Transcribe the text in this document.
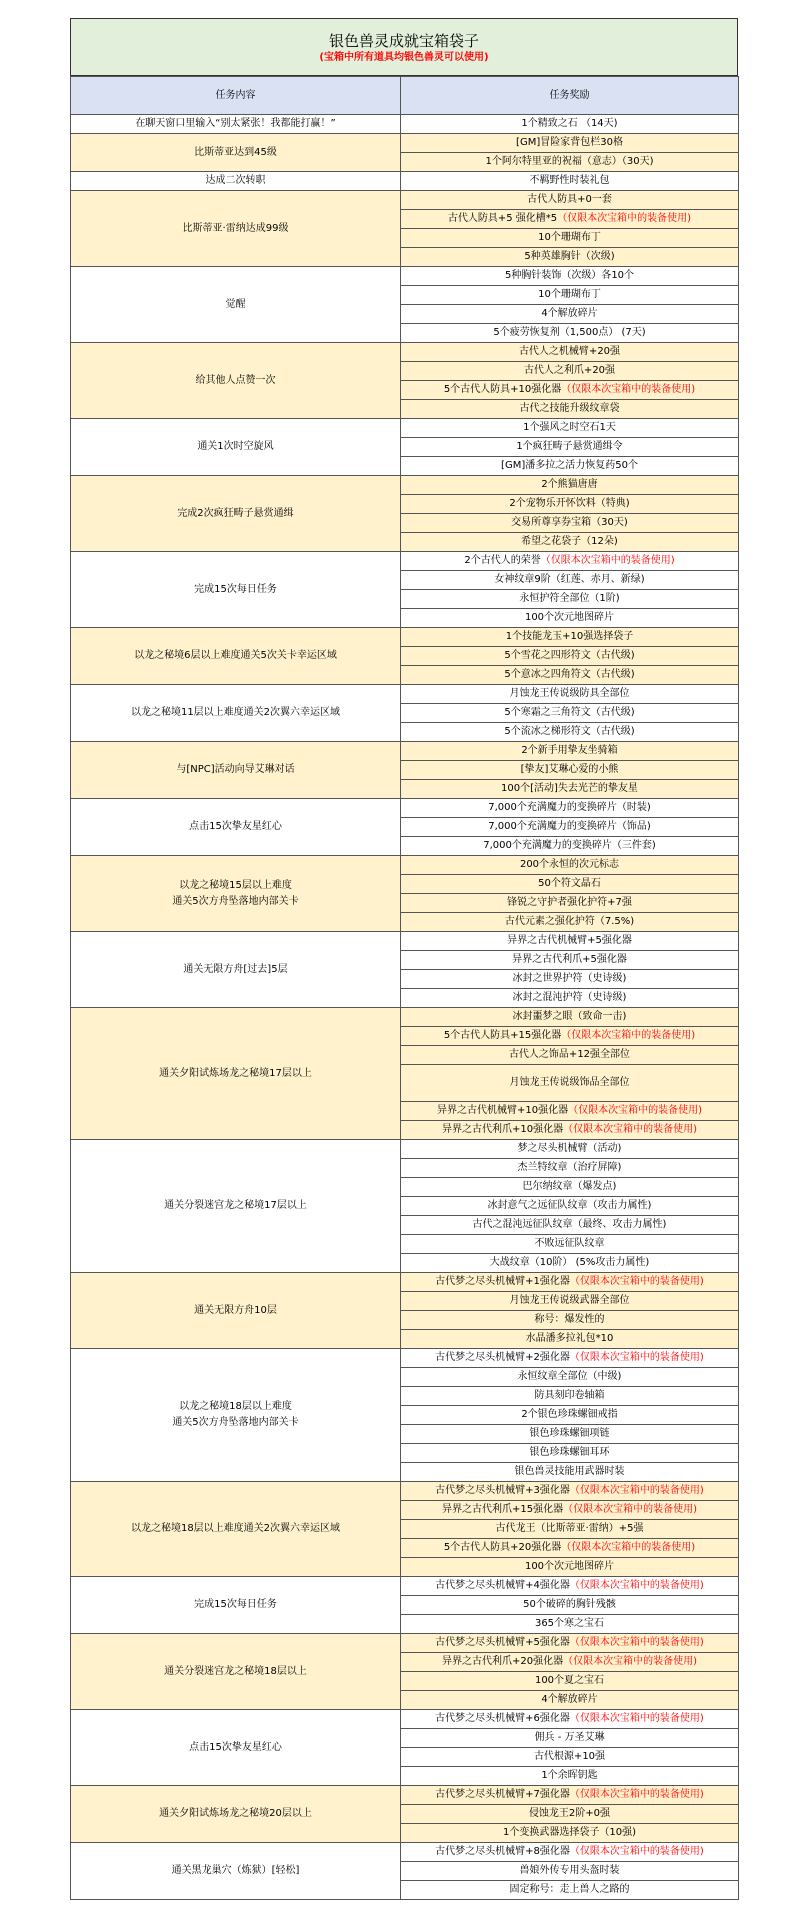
银色兽灵成就宝箱袋子
(宝箱中所有道具均银色兽灵可以使用)
任务内容	任务奖励
在聊天窗口里输入“别太紧张！我都能打赢！”	1个精致之石 （14天)
比斯蒂亚达到45级	[GM]冒险家背包栏30格
	1个阿尔特里亚的祝福（意志）（30天)
达成二次转职	不羁野性时装礼包
比斯蒂亚·雷纳达成99级	古代人防具+0一套
	古代人防具+5 强化槽*5（仅限本次宝箱中的装备使用)
	10个珊瑚布丁
	5种英雄胸针（次级)
觉醒	5种胸针装饰（次级）各10个
	10个珊瑚布丁
	4个解放碎片
	5个疲劳恢复剂（1,500点） (7天)
给其他人点赞一次	古代人之机械臂+20强
	古代人之利爪+20强
	5个古代人防具+10强化器（仅限本次宝箱中的装备使用)
	古代之技能升级纹章袋
通关1次时空旋风	1个强风之时空石1天
	1个疯狂畴子悬赏通缉令
	[GM]潘多拉之活力恢复药50个
完成2次疯狂畴子悬赏通缉	2个熊猫唐唐
	2个宠物乐开怀饮料（特典)
	交易所尊享券宝箱（30天)
	希望之花袋子（12朵)
完成15次每日任务	2个古代人的荣誉（仅限本次宝箱中的装备使用)
	女神纹章9阶（红莲、赤月、新绿)
	永恒护符全部位（1阶)
	100个次元地图碎片
以龙之秘境6层以上难度通关5次关卡幸运区域	1个技能龙玉+10强选择袋子
	5个雪花之四形符文（古代级)
	5个意冰之四角符文（古代级)
以龙之秘境11层以上难度通关2次翼六幸运区域	月蚀龙王传说级防具全部位
	5个寒霜之三角符文（古代级)
	5个流冰之梯形符文（古代级)
与[NPC]活动向导艾琳对话	2个新手用挚友坐骑箱
	[挚友]艾琳心爱的小熊
	100个[活动]失去光芒的挚友星
点击15次挚友星红心	7,000个充满魔力的变换碎片（时装)
	7,000个充满魔力的变换碎片（饰品)
	7,000个充满魔力的变换碎片（三件套)
以龙之秘境15层以上难度
通关5次方舟坠落地内部关卡	200个永恒的次元标志
	50个符文晶石
	锋锐之守护者强化护符+7强
	古代元素之强化护符（7.5%)
通关无限方舟[过去]5层	异界之古代机械臂+5强化器
	异界之古代利爪+5强化器
	冰封之世界护符（史诗级)
	冰封之混沌护符（史诗级)
通关夕阳试炼场龙之秘境17层以上	冰封噩梦之眼（致命一击)
	5个古代人防具+15强化器（仅限本次宝箱中的装备使用)
	古代人之饰品+12强全部位
	月蚀龙王传说级饰品全部位
	异界之古代机械臂+10强化器（仅限本次宝箱中的装备使用)
	异界之古代利爪+10强化器（仅限本次宝箱中的装备使用)
通关分裂迷宫龙之秘境17层以上	梦之尽头机械臂（活动)
	杰兰特纹章（治疗屏障)
	巴尔纳纹章（爆发点)
	冰封意气之远征队纹章（攻击力属性)
	古代之混沌远征队纹章（最终、攻击力属性)
	不败远征队纹章
	大战纹章（10阶） (5%攻击力属性)
通关无限方舟10层	古代梦之尽头机械臂+1强化器（仅限本次宝箱中的装备使用)
	月蚀龙王传说级武器全部位
	称号：爆发性的
	水晶潘多拉礼包*10
以龙之秘境18层以上难度
通关5次方舟坠落地内部关卡	古代梦之尽头机械臂+2强化器（仅限本次宝箱中的装备使用)
	永恒纹章全部位（中级)
	防具刻印卷轴箱
	2个银色珍珠螺钿戒指
	银色珍珠螺钿项链
	银色珍珠螺钿耳环
	银色兽灵技能用武器时装
以龙之秘境18层以上难度通关2次翼六幸运区域	古代梦之尽头机械臂+3强化器（仅限本次宝箱中的装备使用)
	异界之古代利爪+15强化器（仅限本次宝箱中的装备使用)
	古代龙王（比斯蒂亚·雷纳）+5强
	5个古代人防具+20强化器（仅限本次宝箱中的装备使用)
	100个次元地图碎片
完成15次每日任务	古代梦之尽头机械臂+4强化器（仅限本次宝箱中的装备使用)
	50个破碎的胸针残骸
	365个寒之宝石
通关分裂迷宫龙之秘境18层以上	古代梦之尽头机械臂+5强化器（仅限本次宝箱中的装备使用)
	异界之古代利爪+20强化器（仅限本次宝箱中的装备使用)
	100个夏之宝石
	4个解放碎片
点击15次挚友星红心	古代梦之尽头机械臂+6强化器（仅限本次宝箱中的装备使用)
	佣兵 - 万圣艾琳
	古代根源+10强
	1个余晖钥匙
通关夕阳试炼场龙之秘境20层以上	古代梦之尽头机械臂+7强化器（仅限本次宝箱中的装备使用)
	侵蚀龙王2阶+0强
	1个变换武器选择袋子（10强)
通关黑龙巢穴（炼狱）[轻松]	古代梦之尽头机械臂+8强化器（仅限本次宝箱中的装备使用)
	兽娘外传专用头盔时装
	固定称号：走上兽人之路的
